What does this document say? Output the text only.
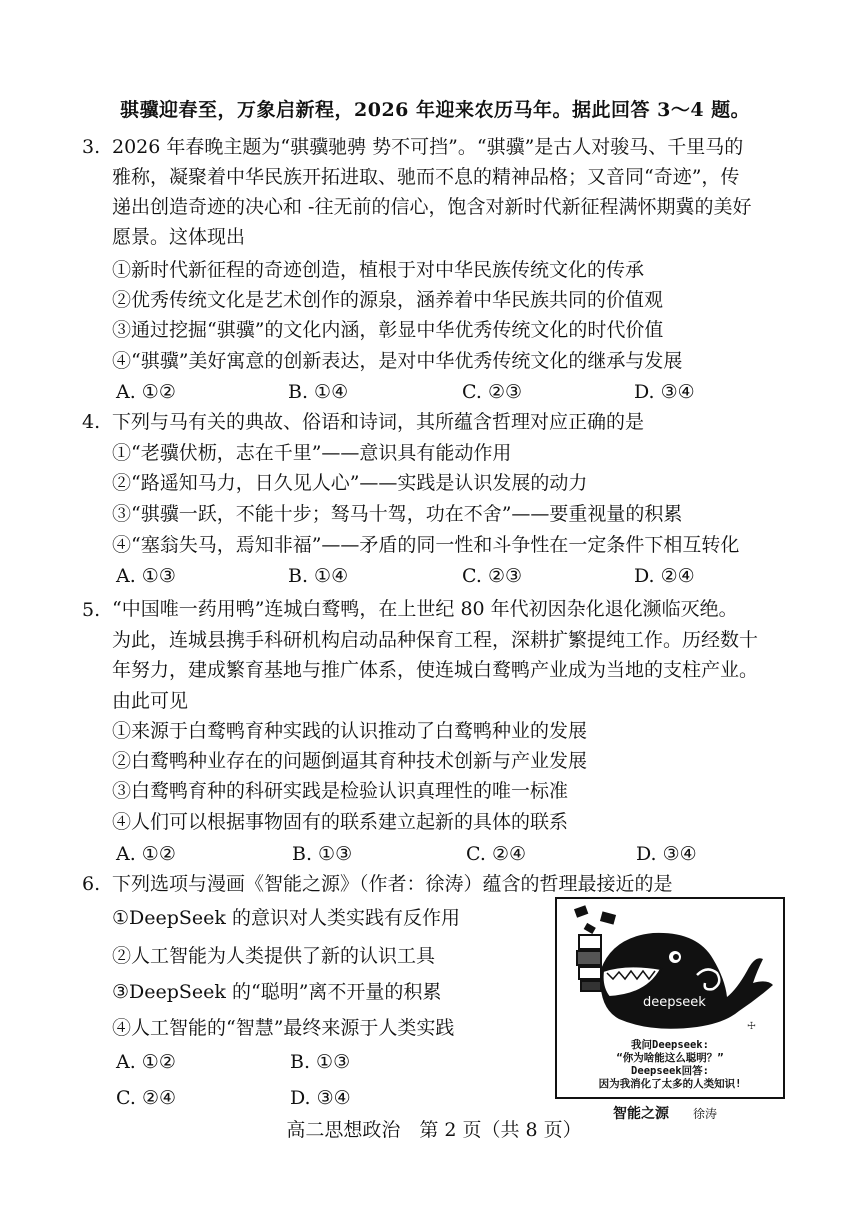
骐骥迎春至，万象启新程，2026 年迎来农历马年。据此回答 3～4 题。
3. 2026 年春晚主题为“骐骥驰骋 势不可挡”。“骐骥”是古人对骏马、千里马的
雅称，凝聚着中华民族开拓进取、驰而不息的精神品格；又音同“奇迹”，传
递出创造奇迹的决心和 -往无前的信心，饱含对新时代新征程满怀期冀的美好
愿景。这体现出
①新时代新征程的奇迹创造，植根于对中华民族传统文化的传承
②优秀传统文化是艺术创作的源泉，涵养着中华民族共同的价值观
③通过挖掘“骐骥”的文化内涵，彰显中华优秀传统文化的时代价值
④“骐骥”美好寓意的创新表达，是对中华优秀传统文化的继承与发展
A. ①②	B. ①④	C. ②③	D. ③④
4. 下列与马有关的典故、俗语和诗词，其所蕴含哲理对应正确的是
①“老骥伏枥，志在千里”——意识具有能动作用
②“路遥知马力，日久见人心”——实践是认识发展的动力
③“骐骥一跃，不能十步；驽马十驾，功在不舍”——要重视量的积累
④“塞翁失马，焉知非福”——矛盾的同一性和斗争性在一定条件下相互转化
A. ①③	B. ①④	C. ②③	D. ②④
5. “中国唯一药用鸭”连城白鹜鸭，在上世纪 80 年代初因杂化退化濒临灭绝。
为此，连城县携手科研机构启动品种保育工程，深耕扩繁提纯工作。历经数十
年努力，建成繁育基地与推广体系，使连城白鹜鸭产业成为当地的支柱产业。
由此可见
①来源于白鹜鸭育种实践的认识推动了白鹜鸭种业的发展
②白鹜鸭种业存在的问题倒逼其育种技术创新与产业发展
③白鹜鸭育种的科研实践是检验认识真理性的唯一标准
④人们可以根据事物固有的联系建立起新的具体的联系
A. ①②	B. ①③	C. ②④	D. ③④
6. 下列选项与漫画《智能之源》（作者：徐涛）蕴含的哲理最接近的是
①DeepSeek 的意识对人类实践有反作用
②人工智能为人类提供了新的认识工具
③DeepSeek 的“聪明”离不开量的积累
④人工智能的“智慧”最终来源于人类实践
A. ①②	B. ①③
C. ②④	D. ③④
☩
deepseek
我问Deepseek:
“你为啥能这么聪明？”
Deepseek回答:
因为我消化了太多的人类知识!
智能之源 徐涛
高二思想政治　第 2 页（共 8 页）
